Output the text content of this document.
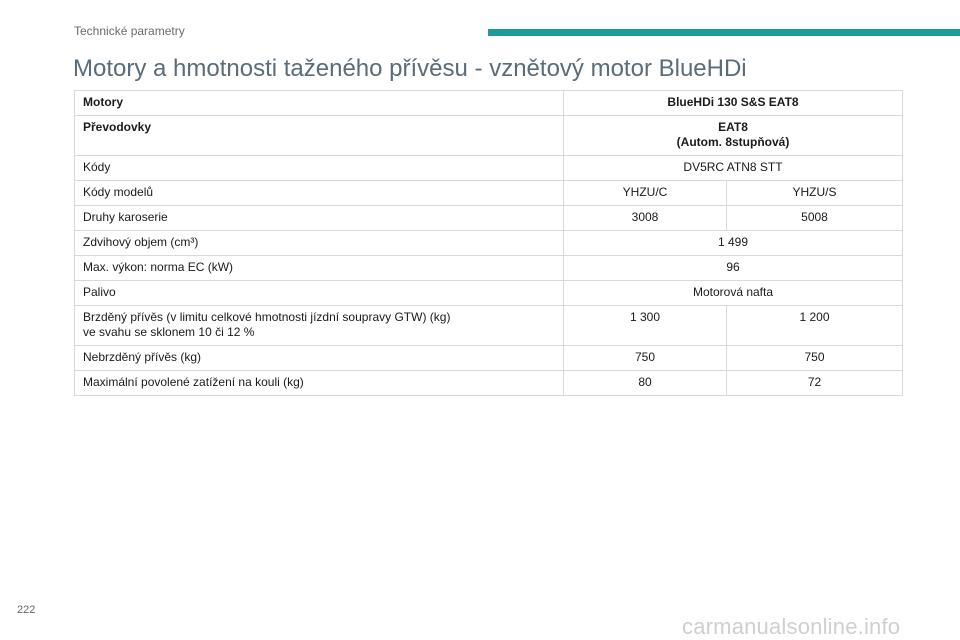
Technické parametry
Motory a hmotnosti taženého přívěsu - vznětový motor BlueHDi
Motory	BlueHDi 130 S&S EAT8	
Převodovky	EAT8
(Autom. 8stupňová)	

Kódy	DV5RC ATN8 STT	
Kódy modelů	YHZU/C	YHZU/S
Druhy karoserie	3008	5008
Zdvihový objem (cm³)	1 499	
Max. výkon: norma EC (kW)	96	
Palivo	Motorová nafta	

Brzděný přívěs (v limitu celkové hmotnosti jízdní soupravy GTW) (kg)
ve svahu se sklonem 10 či 12 %	1 300	1 200
Nebrzděný přívěs (kg)	750	750
Maximální povolené zatížení na kouli (kg)	80	72
222
carmanualsonline.info
